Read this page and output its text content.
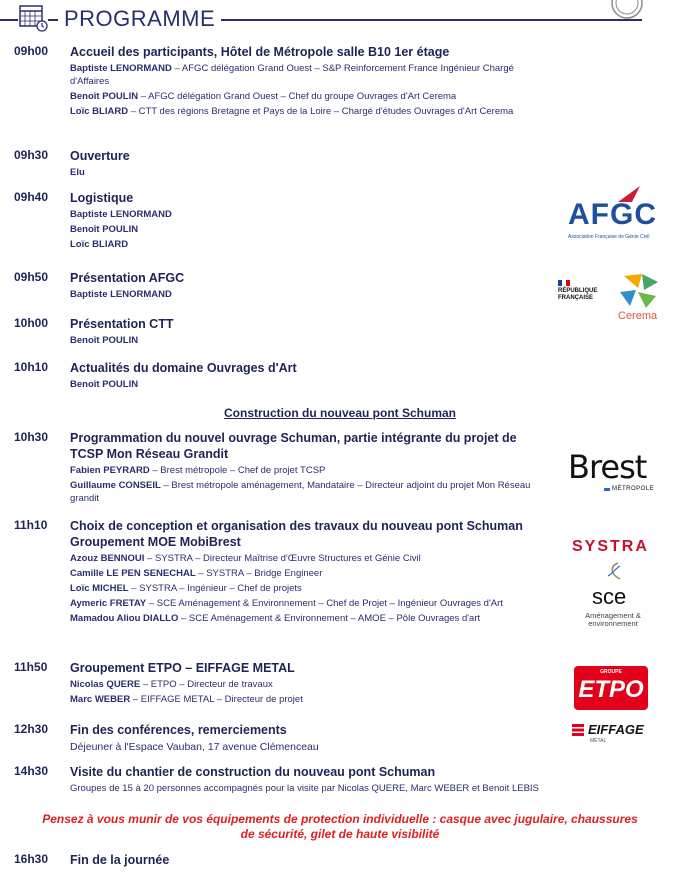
PROGRAMME
09h00	Accueil des participants, Hôtel de Métropole salle B10 1er étage
Baptiste LENORMAND – AFGC délégation Grand Ouest – S&P Reinforcement France Ingénieur Chargé d'Affaires
Benoît POULIN – AFGC délégation Grand Ouest – Chef du groupe Ouvrages d'Art Cerema
Loïc BLIARD – CTT des régions Bretagne et Pays de la Loire – Chargé d'études Ouvrages d'Art Cerema
09h30	Ouverture
Elu
09h40	Logistique
Baptiste LENORMAND
Benoît POULIN
Loïc BLIARD
09h50	Présentation AFGC
Baptiste LENORMAND
10h00	Présentation CTT
Benoît POULIN
10h10	Actualités du domaine Ouvrages d'Art
Benoît POULIN
Construction du nouveau pont Schuman
10h30	Programmation du nouvel ouvrage Schuman, partie intégrante du projet de TCSP Mon Réseau Grandit
Fabien PEYRARD – Brest métropole – Chef de projet TCSP
Guillaume CONSEIL – Brest métropole aménagement, Mandataire – Directeur adjoint du projet Mon Réseau grandit
11h10	Choix de conception et organisation des travaux du nouveau pont Schuman Groupement MOE MobiBrest
Azouz BENNOUI – SYSTRA – Directeur Maîtrise d'Œuvre Structures et Génie Civil
Camille LE PEN SENECHAL – SYSTRA – Bridge Engineer
Loïc MICHEL – SYSTRA – Ingénieur – Chef de projets
Aymeric FRETAY – SCE Aménagement & Environnement – Chef de Projet – Ingénieur Ouvrages d'Art
Mamadou Aliou DIALLO – SCE Aménagement & Environnement – AMOE – Pôle Ouvrages d'art
11h50	Groupement ETPO – EIFFAGE METAL
Nicolas QUERE – ETPO – Directeur de travaux
Marc WEBER – EIFFAGE METAL – Directeur de projet
12h30	Fin des conférences, remerciements
Déjeuner à l'Espace Vauban, 17 avenue Clémenceau
14h30	Visite du chantier de construction du nouveau pont Schuman
Groupes de 15 à 20 personnes accompagnés pour la visite par Nicolas QUERE, Marc WEBER et Benoit LEBIS
Pensez à vous munir de vos équipements de protection individuelle : casque avec jugulaire, chaussures de sécurité, gilet de haute visibilité
16h30	Fin de la journée
AFGC
Association Française de Génie Civil
RÉPUBLIQUE FRANÇAISE
Cerema
Brest
MÉTROPOLE
SYSTRA
sce
Aménagement & environnement
GROUPE
ETPO
EIFFAGE
MÉTAL
